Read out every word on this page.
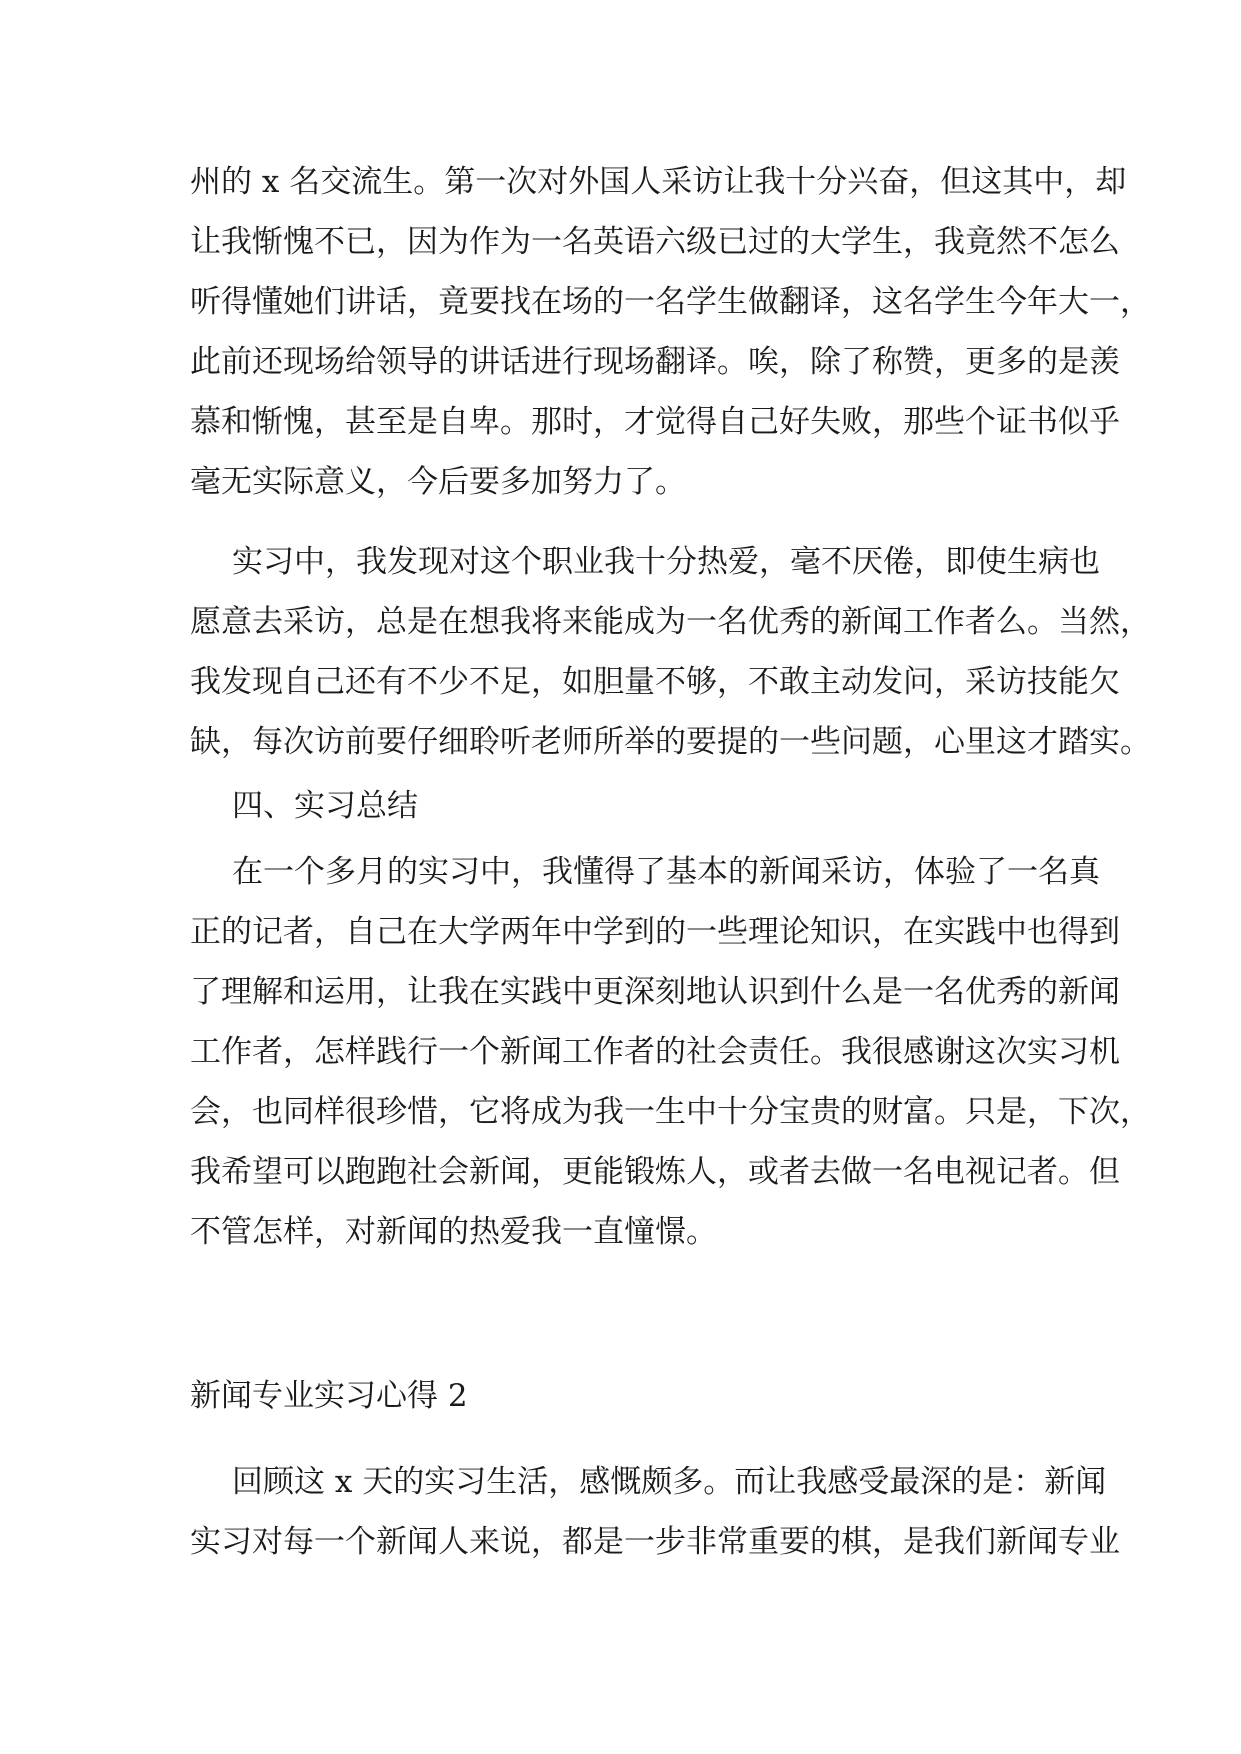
州的 x 名交流生。第一次对外国人采访让我十分兴奋，但这其中，却
让我惭愧不已，因为作为一名英语六级已过的大学生，我竟然不怎么
听得懂她们讲话，竟要找在场的一名学生做翻译，这名学生今年大一，
此前还现场给领导的讲话进行现场翻译。唉，除了称赞，更多的是羡
慕和惭愧，甚至是自卑。那时，才觉得自己好失败，那些个证书似乎
毫无实际意义，今后要多加努力了。
实习中，我发现对这个职业我十分热爱，毫不厌倦，即使生病也
愿意去采访，总是在想我将来能成为一名优秀的新闻工作者么。当然，
我发现自己还有不少不足，如胆量不够，不敢主动发问，采访技能欠
缺，每次访前要仔细聆听老师所举的要提的一些问题，心里这才踏实。
四、实习总结
在一个多月的实习中，我懂得了基本的新闻采访，体验了一名真
正的记者，自己在大学两年中学到的一些理论知识，在实践中也得到
了理解和运用，让我在实践中更深刻地认识到什么是一名优秀的新闻
工作者，怎样践行一个新闻工作者的社会责任。我很感谢这次实习机
会，也同样很珍惜，它将成为我一生中十分宝贵的财富。只是，下次，
我希望可以跑跑社会新闻，更能锻炼人，或者去做一名电视记者。但
不管怎样，对新闻的热爱我一直憧憬。
新闻专业实习心得 2
回顾这 x 天的实习生活，感慨颇多。而让我感受最深的是：新闻
实习对每一个新闻人来说，都是一步非常重要的棋，是我们新闻专业
